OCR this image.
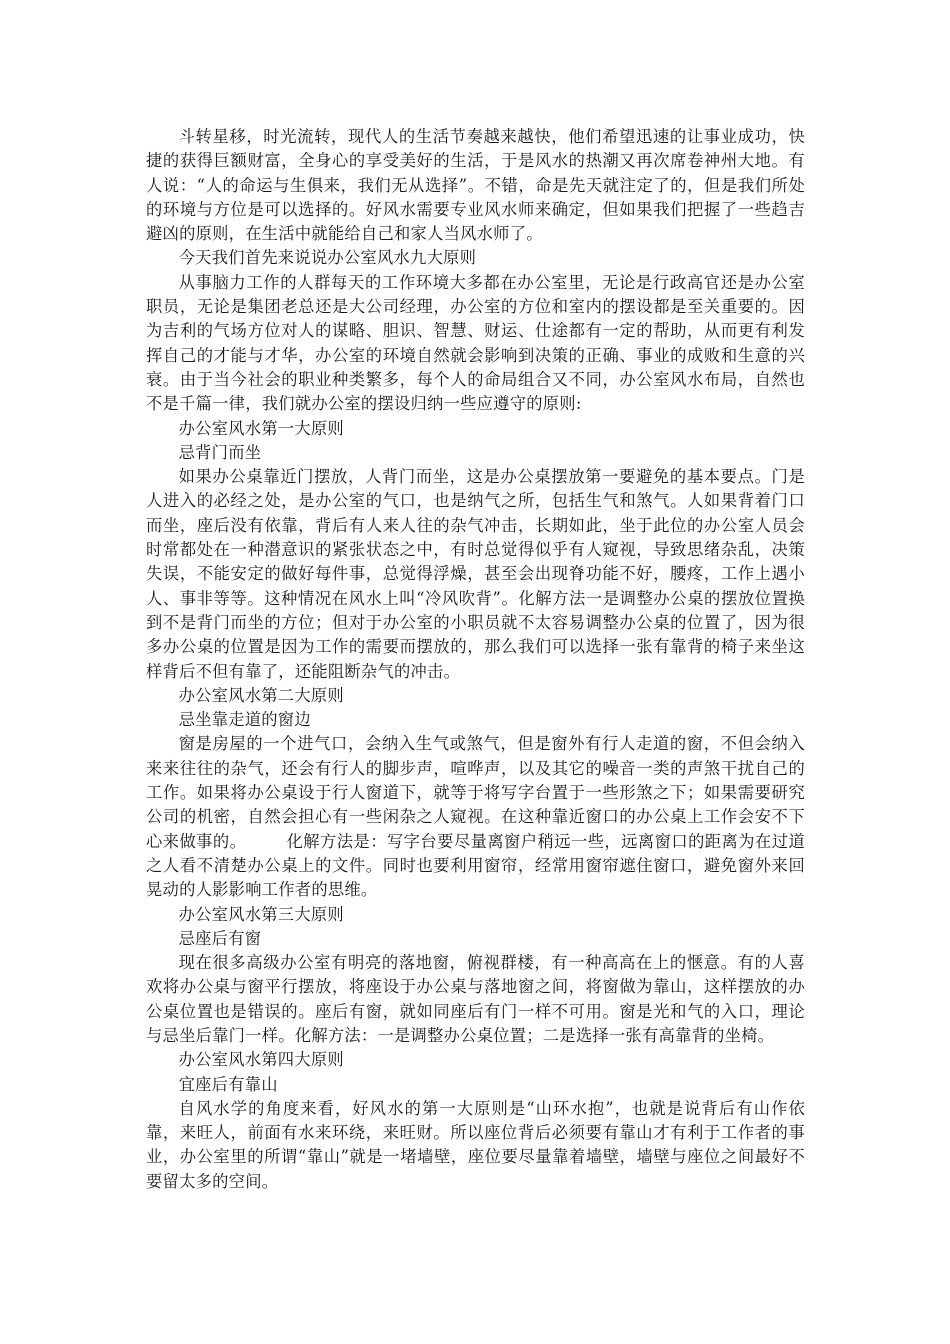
斗转星移，时光流转，现代人的生活节奏越来越快，他们希望迅速的让事业成功，快捷的获得巨额财富，全身心的享受美好的生活，于是风水的热潮又再次席卷神州大地。有人说：“人的命运与生俱来，我们无从选择”。不错，命是先天就注定了的，但是我们所处的环境与方位是可以选择的。好风水需要专业风水师来确定，但如果我们把握了一些趋吉避凶的原则，在生活中就能给自己和家人当风水师了。

今天我们首先来说说办公室风水九大原则

从事脑力工作的人群每天的工作环境大多都在办公室里，无论是行政高官还是办公室职员，无论是集团老总还是大公司经理，办公室的方位和室内的摆设都是至关重要的。因为吉利的气场方位对人的谋略、胆识、智慧、财运、仕途都有一定的帮助，从而更有利发挥自己的才能与才华，办公室的环境自然就会影响到决策的正确、事业的成败和生意的兴衰。由于当今社会的职业种类繁多，每个人的命局组合又不同，办公室风水布局，自然也不是千篇一律，我们就办公室的摆设归纳一些应遵守的原则:

办公室风水第一大原则

忌背门而坐

如果办公桌靠近门摆放，人背门而坐，这是办公桌摆放第一要避免的基本要点。门是人进入的必经之处，是办公室的气口，也是纳气之所，包括生气和煞气。人如果背着门口而坐，座后没有依靠，背后有人来人往的杂气冲击，长期如此，坐于此位的办公室人员会时常都处在一种潜意识的紧张状态之中，有时总觉得似乎有人窥视，导致思绪杂乱，决策失误，不能安定的做好每件事，总觉得浮燥，甚至会出现脊功能不好，腰疼，工作上遇小人、事非等等。这种情况在风水上叫“冷风吹背”。化解方法一是调整办公桌的摆放位置换到不是背门而坐的方位；但对于办公室的小职员就不太容易调整办公桌的位置了，因为很多办公桌的位置是因为工作的需要而摆放的，那么我们可以选择一张有靠背的椅子来坐这样背后不但有靠了，还能阻断杂气的冲击。

办公室风水第二大原则

忌坐靠走道的窗边

窗是房屋的一个进气口，会纳入生气或煞气，但是窗外有行人走道的窗，不但会纳入来来往往的杂气，还会有行人的脚步声，喧哗声，以及其它的噪音一类的声煞干扰自己的工作。如果将办公桌设于行人窗道下，就等于将写字台置于一些形煞之下；如果需要研究公司的机密，自然会担心有一些闲杂之人窥视。在这种靠近窗口的办公桌上工作会安不下心来做事的。 化解方法是：写字台要尽量离窗户稍远一些，远离窗口的距离为在过道之人看不清楚办公桌上的文件。同时也要利用窗帘，经常用窗帘遮住窗口，避免窗外来回晃动的人影影响工作者的思维。

办公室风水第三大原则

忌座后有窗

现在很多高级办公室有明亮的落地窗，俯视群楼，有一种高高在上的惬意。有的人喜欢将办公桌与窗平行摆放，将座设于办公桌与落地窗之间，将窗做为靠山，这样摆放的办公桌位置也是错误的。座后有窗，就如同座后有门一样不可用。窗是光和气的入口，理论与忌坐后靠门一样。化解方法：一是调整办公桌位置；二是选择一张有高靠背的坐椅。

办公室风水第四大原则

宜座后有靠山

自风水学的角度来看，好风水的第一大原则是“山环水抱”，也就是说背后有山作依靠，来旺人，前面有水来环绕，来旺财。所以座位背后必须要有靠山才有利于工作者的事业，办公室里的所谓“靠山”就是一堵墙壁，座位要尽量靠着墙壁，墙壁与座位之间最好不要留太多的空间。
